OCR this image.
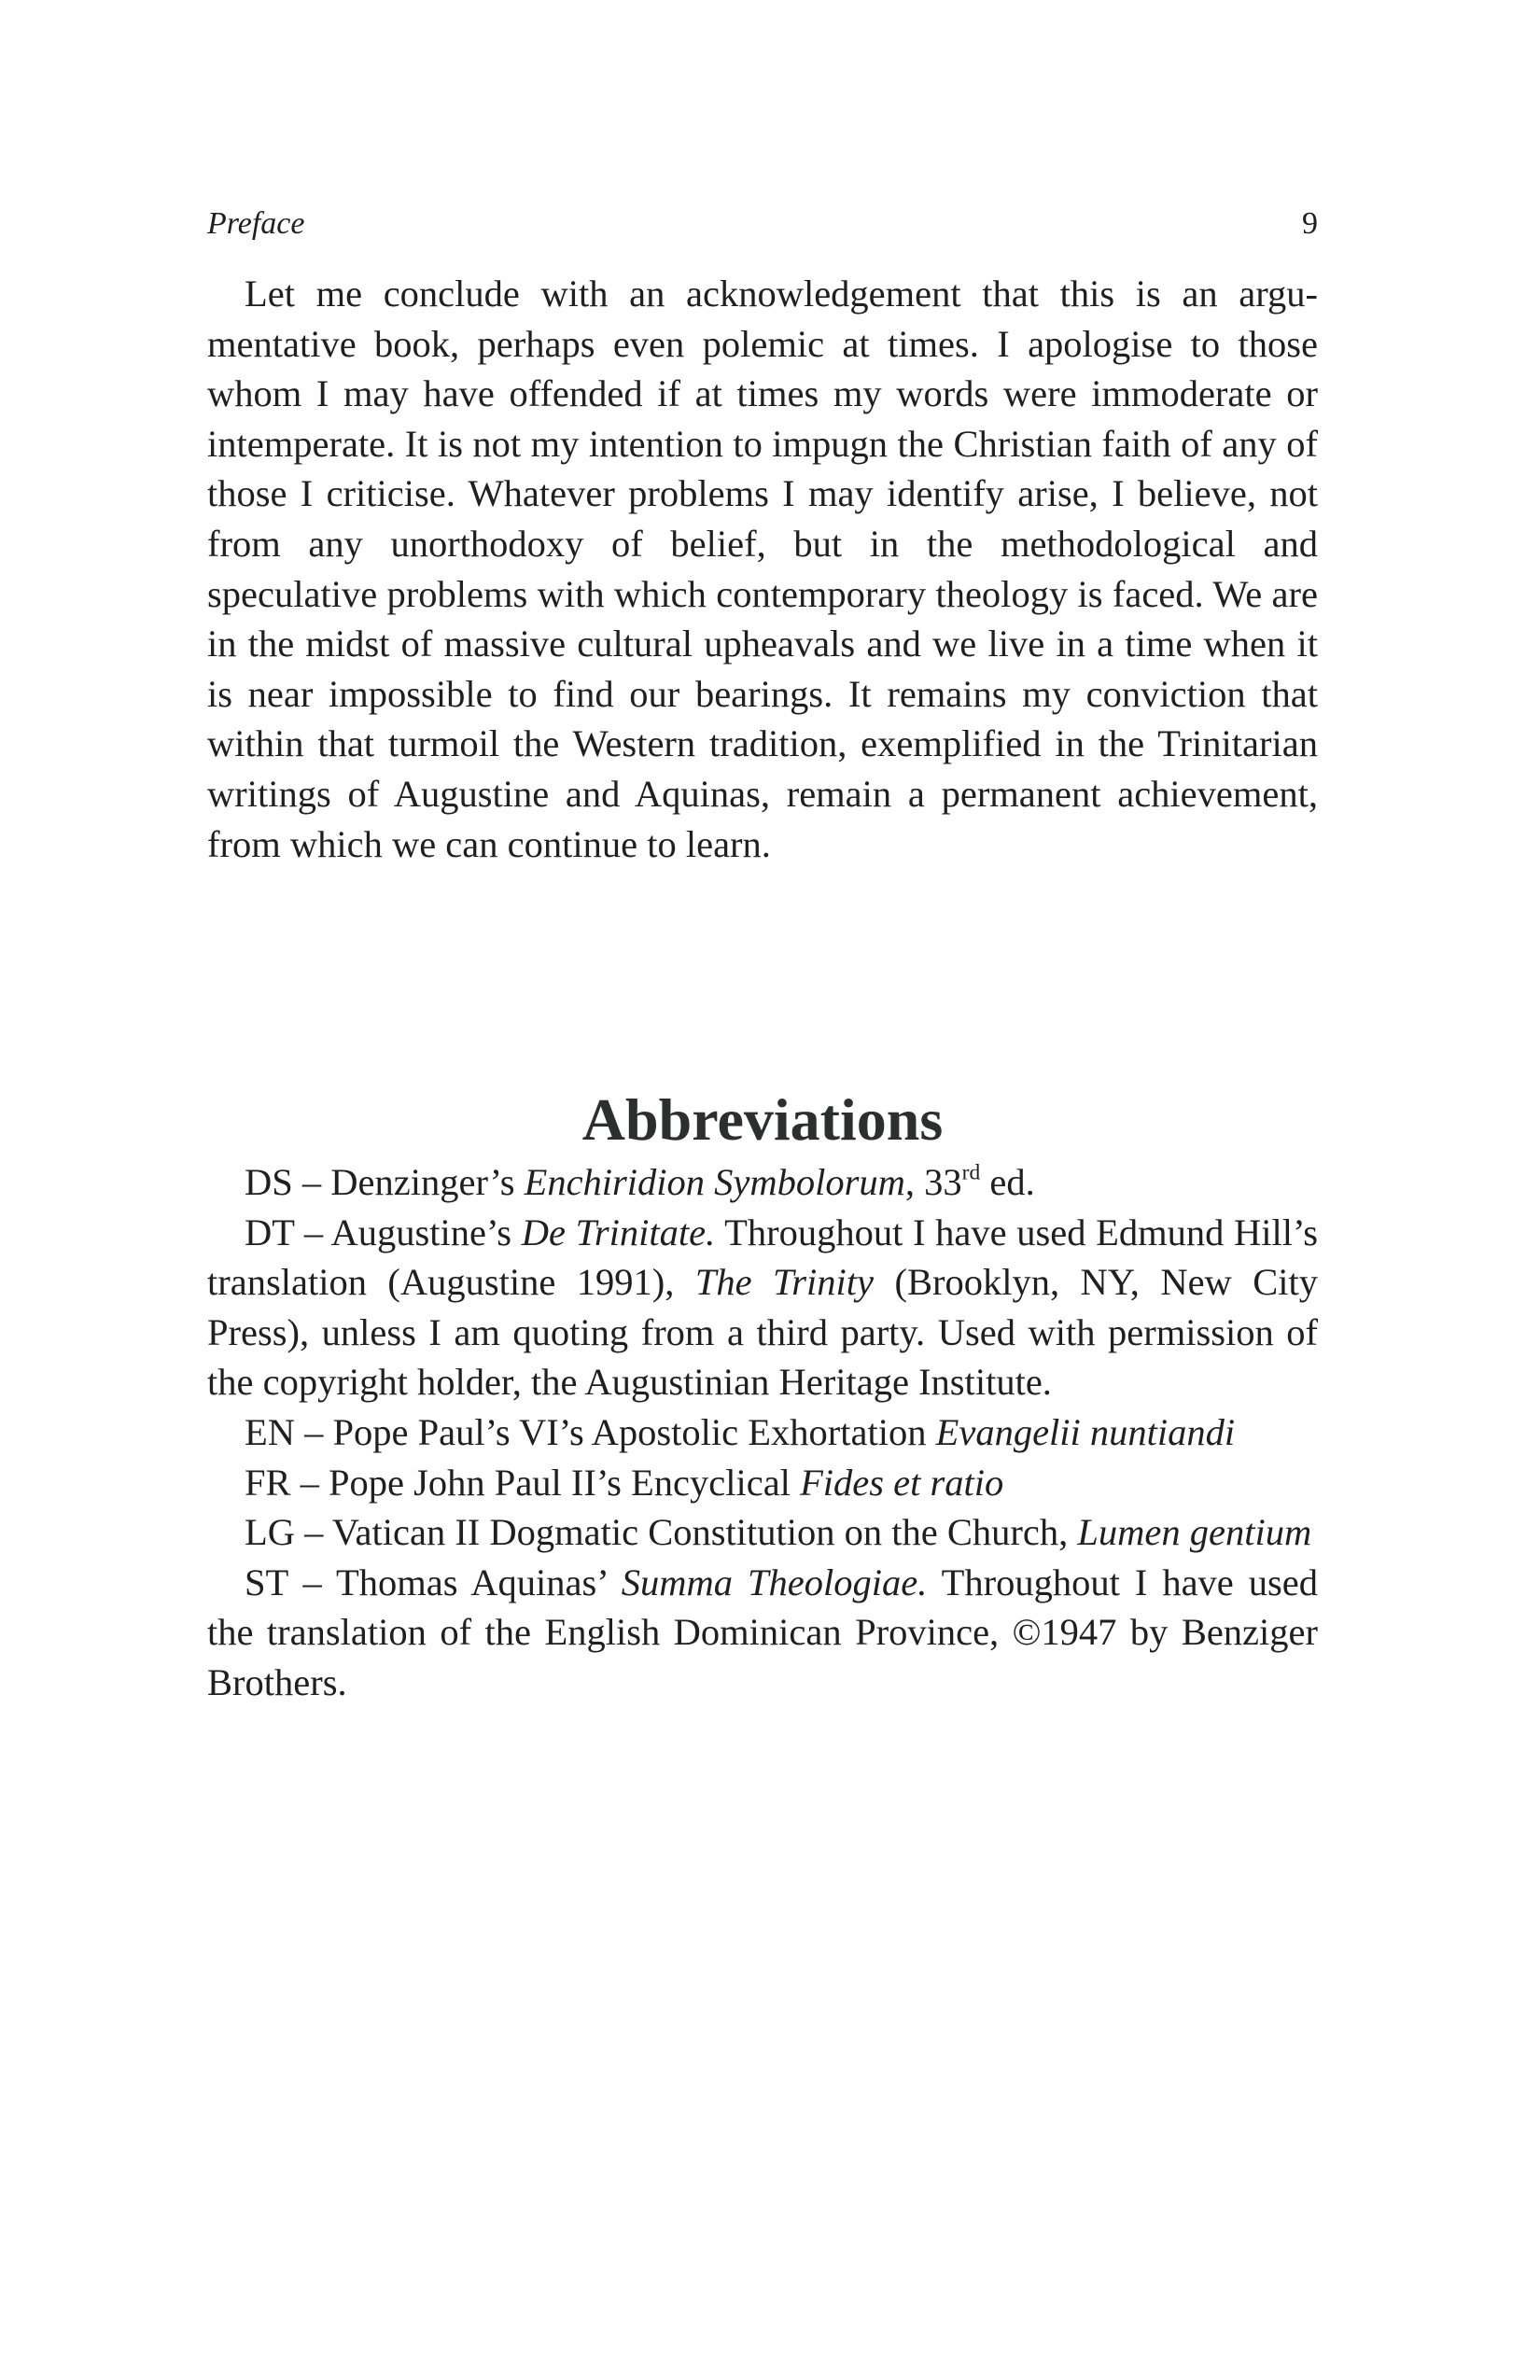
Preface	9

Let me conclude with an acknowledgement that this is an argumentative book, perhaps even polemic at times. I apologise to those whom I may have offended if at times my words were immoderate or intemperate. It is not my intention to impugn the Christian faith of any of those I criticise. Whatever problems I may identify arise, I believe, not from any unorthodoxy of belief, but in the methodological and speculative problems with which contemporary theology is faced. We are in the midst of massive cultural upheavals and we live in a time when it is near impossible to find our bearings. It remains my conviction that within that turmoil the Western tradition, exemplified in the Trinitarian writings of Augustine and Aquinas, remain a permanent achievement, from which we can continue to learn.

Abbreviations

DS – Denzinger’s Enchiridion Symbolorum, 33rd ed.

DT – Augustine’s De Trinitate. Throughout I have used Edmund Hill’s translation (Augustine 1991), The Trinity (Brooklyn, NY, New City Press), unless I am quoting from a third party. Used with permission of the copyright holder, the Augustinian Heritage Institute.

EN – Pope Paul’s VI’s Apostolic Exhortation Evangelii nuntiandi

FR – Pope John Paul II’s Encyclical Fides et ratio

LG – Vatican II Dogmatic Constitution on the Church, Lumen gentium

ST – Thomas Aquinas’ Summa Theologiae. Throughout I have used the translation of the English Dominican Province, ©1947 by Benziger Brothers.
